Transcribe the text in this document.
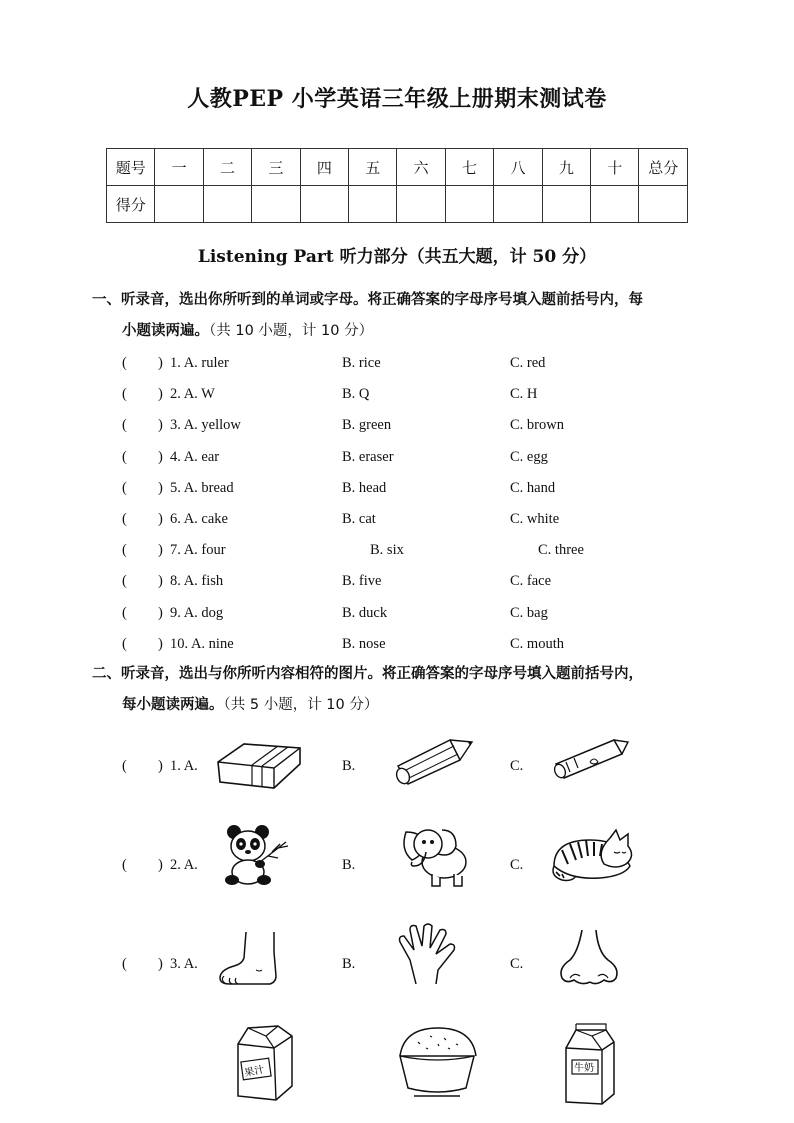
人教PEP 小学英语三年级上册期末测试卷
题号	一	二	三	四	五	六	七	八	九	十	总分
得分											
Listening Part 听力部分（共五大题，计 50 分）
一、听录音，选出你所听到的单词或字母。将正确答案的字母序号填入题前括号内，每
小题读两遍。（共 10 小题，计 10 分）
( ) 1. A. ruler	B. rice	C. red
( ) 2. A. W	B. Q	C. H
( ) 3. A. yellow	B. green	C. brown
( ) 4. A. ear	B. eraser	C. egg
( ) 5. A. bread	B. head	C. hand
( ) 6. A. cake	B. cat	C. white
( ) 7. A. four	B. six	C. three
( ) 8. A. fish	B. five	C. face
( ) 9. A. dog	B. duck	C. bag
( ) 10. A. nine	B. nose	C. mouth
二、听录音，选出与你所听内容相符的图片。将正确答案的字母序号填入题前括号内，
每小题读两遍。（共 5 小题，计 10 分）
( ) 1. A.	B.	C.
( ) 2. A.	B.	C.
( ) 3. A.	B.	C.
果汁	牛奶
